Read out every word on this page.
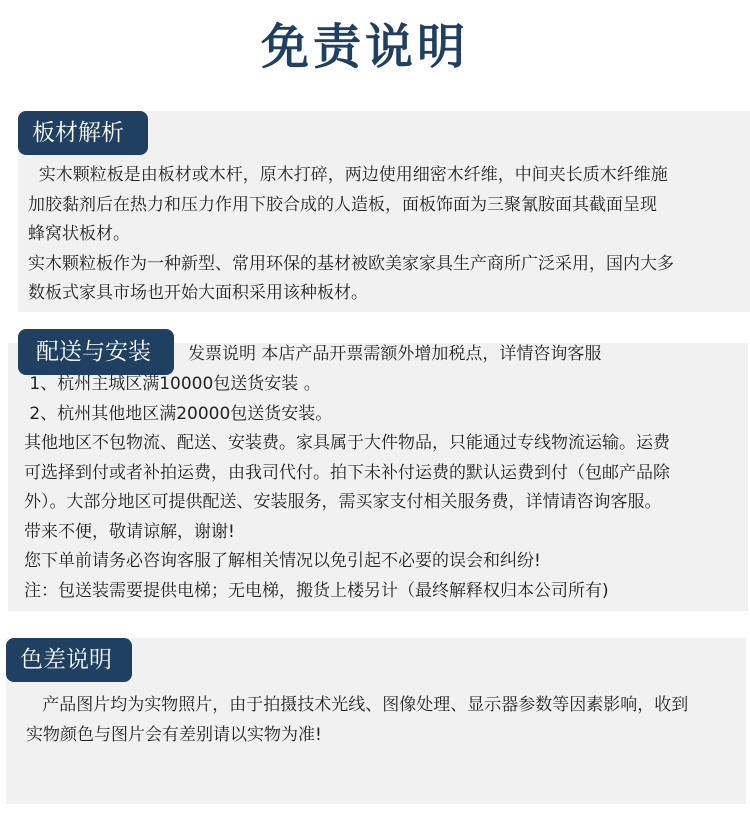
免责说明
板材解析
实木颗粒板是由板材或木杆，原木打碎，两边使用细密木纤维，中间夹长质木纤维施
加胶黏剂后在热力和压力作用下胶合成的人造板，面板饰面为三聚氰胺面其截面呈现
蜂窝状板材。
实木颗粒板作为一种新型、常用环保的基材被欧美家家具生产商所广泛采用，国内大多
数板式家具市场也开始大面积采用该种板材。
配送与安装	发票说明 本店产品开票需额外增加税点，详情咨询客服
1、杭州主城区满10000包送货安装 。
2、杭州其他地区满20000包送货安装。
其他地区不包物流、配送、安装费。家具属于大件物品，只能通过专线物流运输。运费
可选择到付或者补拍运费，由我司代付。拍下未补付运费的默认运费到付（包邮产品除
外）。大部分地区可提供配送、安装服务，需买家支付相关服务费，详情请咨询客服。
带来不便，敬请谅解，谢谢!
您下单前请务必咨询客服了解相关情况以免引起不必要的误会和纠纷!
注：包送装需要提供电梯；无电梯，搬货上楼另计（最终解释权归本公司所有)
色差说明
产品图片均为实物照片，由于拍摄技术光线、图像处理、显示器参数等因素影响，收到
实物颜色与图片会有差别请以实物为准!
